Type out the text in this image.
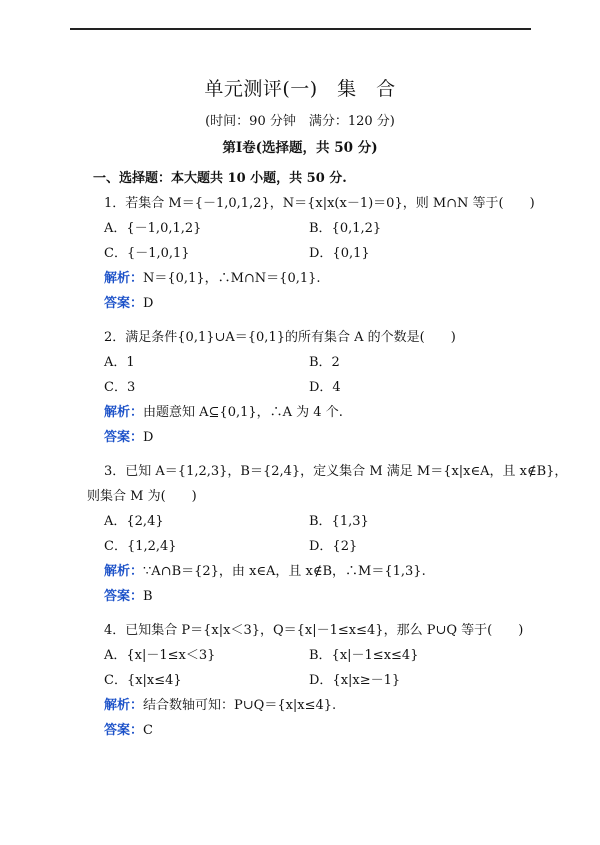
单元测评(一)　集　合
(时间：90 分钟　满分：120 分)
第Ⅰ卷(选择题，共 50 分)
一、选择题：本大题共 10 小题，共 50 分.
1．若集合 M＝{－1,0,1,2}，N＝{x|x(x－1)＝0}，则 M∩N 等于(　　)
A．{－1,0,1,2}	B．{0,1,2}
C．{－1,0,1}	D．{0,1}
解析：N＝{0,1}，∴M∩N＝{0,1}.
答案：D
2．满足条件{0,1}∪A＝{0,1}的所有集合 A 的个数是(　　)
A．1	B．2
C．3	D．4
解析：由题意知 A⊆{0,1}，∴A 为 4 个.
答案：D
3．已知 A＝{1,2,3}，B＝{2,4}，定义集合 M 满足 M＝{x|x∈A，且 x∉B}，
则集合 M 为(　　)
A．{2,4}	B．{1,3}
C．{1,2,4}	D．{2}
解析：∵A∩B＝{2}，由 x∈A，且 x∉B，∴M＝{1,3}.
答案：B
4．已知集合 P＝{x|x＜3}，Q＝{x|－1≤x≤4}，那么 P∪Q 等于(　　)
A．{x|－1≤x＜3}	B．{x|－1≤x≤4}
C．{x|x≤4}	D．{x|x≥－1}
解析：结合数轴可知：P∪Q＝{x|x≤4}.
答案：C
